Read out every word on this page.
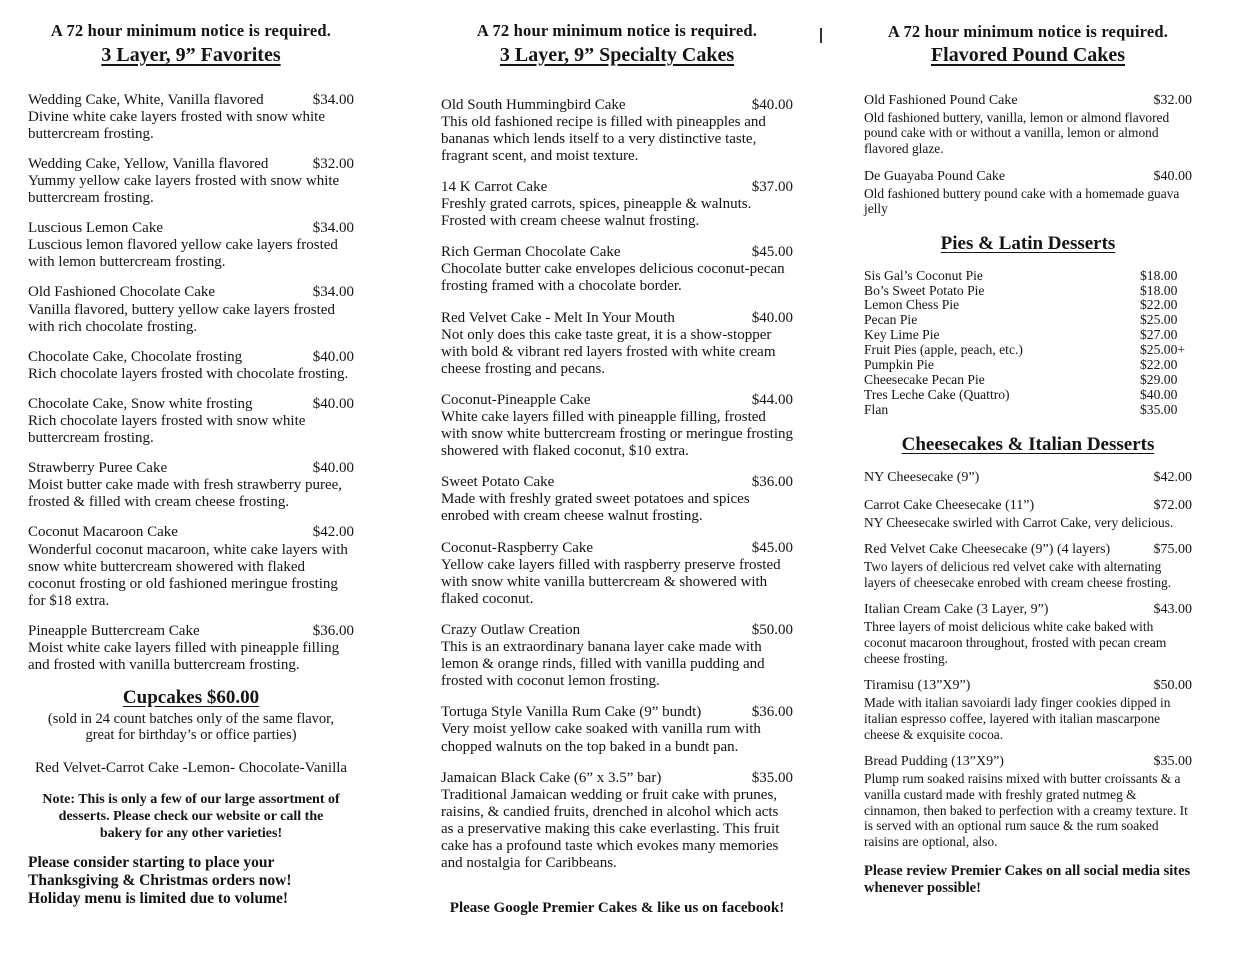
A 72 hour minimum notice is required.
3 Layer, 9” Favorites
Wedding Cake, White, Vanilla flavored	$34.00
Divine white cake layers frosted with snow white buttercream frosting.
Wedding Cake, Yellow, Vanilla flavored	$32.00
Yummy yellow cake layers frosted with snow white buttercream frosting.
Luscious Lemon Cake	$34.00
Luscious lemon flavored yellow cake layers frosted with lemon buttercream frosting.
Old Fashioned Chocolate Cake	$34.00
Vanilla flavored, buttery yellow cake layers frosted with rich chocolate frosting.
Chocolate Cake, Chocolate frosting	$40.00
Rich chocolate layers frosted with chocolate frosting.
Chocolate Cake, Snow white frosting	$40.00
Rich chocolate layers frosted with snow white buttercream frosting.
Strawberry Puree Cake	$40.00
Moist butter cake made with fresh strawberry puree, frosted & filled with cream cheese frosting.
Coconut Macaroon Cake	$42.00
Wonderful coconut macaroon, white cake layers with snow white buttercream showered with flaked coconut frosting or old fashioned meringue frosting for $18 extra.
Pineapple Buttercream Cake	$36.00
Moist white cake layers filled with pineapple filling and frosted with vanilla buttercream frosting.
Cupcakes $60.00
(sold in 24 count batches only of the same flavor, great for birthday’s or office parties)
Red Velvet-Carrot Cake -Lemon- Chocolate-Vanilla
Note: This is only a few of our large assortment of desserts. Please check our website or call the bakery for any other varieties!

Please consider starting to place your Thanksgiving & Christmas orders now!

Holiday menu is limited due to volume!

A 72 hour minimum notice is required.
3 Layer, 9” Specialty Cakes
Old South Hummingbird Cake	$40.00
This old fashioned recipe is filled with pineapples and bananas which lends itself to a very distinctive taste, fragrant scent, and moist texture.
14 K Carrot Cake	$37.00
Freshly grated carrots, spices, pineapple & walnuts. Frosted with cream cheese walnut frosting.
Rich German Chocolate Cake	$45.00
Chocolate butter cake envelopes delicious coconut-pecan frosting framed with a chocolate border.
Red Velvet Cake - Melt In Your Mouth	$40.00
Not only does this cake taste great, it is a show-stopper with bold & vibrant red layers frosted with white cream cheese frosting and pecans.
Coconut-Pineapple Cake	$44.00
White cake layers filled with pineapple filling, frosted with snow white buttercream frosting or meringue frosting showered with flaked coconut, $10 extra.
Sweet Potato Cake	$36.00
Made with freshly grated sweet potatoes and spices enrobed with cream cheese walnut frosting.
Coconut-Raspberry Cake	$45.00
Yellow cake layers filled with raspberry preserve frosted with snow white vanilla buttercream & showered with flaked coconut.
Crazy Outlaw Creation	$50.00
This is an extraordinary banana layer cake made with lemon & orange rinds, filled with vanilla pudding and frosted with coconut lemon frosting.
Tortuga Style Vanilla Rum Cake (9” bundt)	$36.00
Very moist yellow cake soaked with vanilla rum with chopped walnuts on the top baked in a bundt pan.
Jamaican Black Cake (6” x 3.5” bar)	$35.00
Traditional Jamaican wedding or fruit cake with prunes, raisins, & candied fruits, drenched in alcohol which acts as a preservative making this cake everlasting. This fruit cake has a profound taste which evokes many memories and nostalgia for Caribbeans.
Please Google Premier Cakes & like us on facebook!
A 72 hour minimum notice is required.
Flavored Pound Cakes
Old Fashioned Pound Cake	$32.00
Old fashioned buttery, vanilla, lemon or almond flavored pound cake with or without a vanilla, lemon or almond flavored glaze.
De Guayaba Pound Cake	$40.00
Old fashioned buttery pound cake with a homemade guava jelly
Pies & Latin Desserts
Sis Gal’s Coconut Pie	$18.00
Bo’s Sweet Potato Pie	$18.00
Lemon Chess Pie	$22.00
Pecan Pie	$25.00
Key Lime Pie	$27.00
Fruit Pies (apple, peach, etc.)	$25.00+
Pumpkin Pie	$22.00
Cheesecake Pecan Pie	$29.00
Tres Leche Cake (Quattro)	$40.00
Flan	$35.00
Cheesecakes & Italian Desserts
NY Cheesecake (9”)	$42.00
Carrot Cake Cheesecake (11”)	$72.00
NY Cheesecake swirled with Carrot Cake, very delicious.
Red Velvet Cake Cheesecake (9”) (4 layers)	$75.00
Two layers of delicious red velvet cake with alternating layers of cheesecake enrobed with cream cheese frosting.
Italian Cream Cake (3 Layer, 9”)	$43.00
Three layers of moist delicious white cake baked with coconut macaroon throughout, frosted with pecan cream cheese frosting.
Tiramisu (13”X9”)	$50.00
Made with italian savoiardi lady finger cookies dipped in italian espresso coffee, layered with italian mascarpone cheese & exquisite cocoa.
Bread Pudding (13”X9”)	$35.00
Plump rum soaked raisins mixed with butter croissants & a vanilla custard made with freshly grated nutmeg & cinnamon, then baked to perfection with a creamy texture. It is served with an optional rum sauce & the rum soaked raisins are optional, also.
Please review Premier Cakes on all social media sites whenever possible!
